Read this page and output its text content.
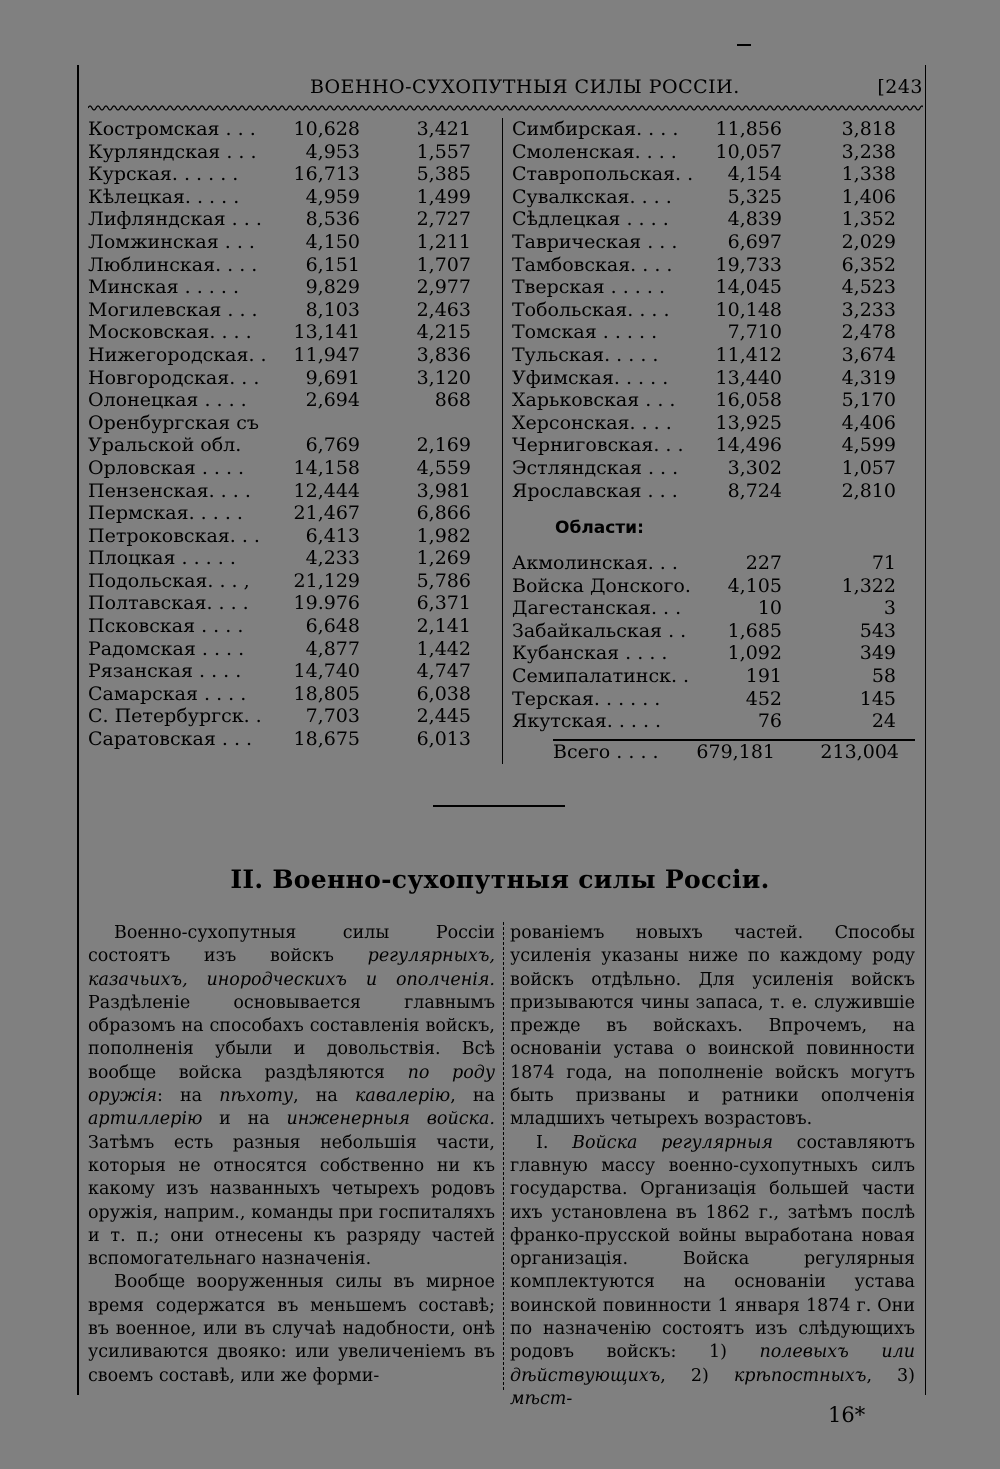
ВОЕННО-СУХОПУТНЫЯ СИЛЫ РОССІИ.	[243
Костромская . . . 10,628	3,421
Курляндская . . .	4,953	1,557
Курская. . . . . .	16,713	5,385
Кѣлецкая. . . . .	4,959	1,499
Лифляндская . . . 8,536	2,727
Ломжинская . . .	4,150	1,211
Люблинская. . . .	6,151	1,707
Минская . . . . .	9,829	2,977
Могилевская . . .	8,103	2,463
Московская. . . . 13,141	4,215
Нижегородская. . 11,947	3,836
Новгородская. . . 9,691	3,120
Олонецкая . . . .	2,694	868
Оренбургская съ
Уральской обл.	6,769	2,169
Орловская . . . .	14,158	4,559
Пензенская. . . . 12,444	3,981
Пермская. . . . .	21,467	6,866
Петроковская. . . 6,413	1,982
Плоцкая . . . . .	4,233	1,269
Подольская. . . , 21,129	5,786
Полтавская. . . . 19.976	6,371
Псковская . . . .	6,648	2,141
Радомская . . . .	4,877	1,442
Рязанская . . . .	14,740	4,747
Самарская . . . . 18,805	6,038
С. Петербургск. . 7,703	2,445
Саратовская . . . 18,675	6,013
Симбирская. . . . 11,856	3,818
Смоленская. . . . 10,057	3,238
Ставропольская. . 4,154	1,338
Сувалкская. . . .	5,325	1,406
Сѣдлецкая . . . .	4,839	1,352
Таврическая . . .	6,697	2,029
Тамбовская. . . . 19,733	6,352
Тверская . . . . .	14,045	4,523
Тобольская. . . . 10,148	3,233
Томская . . . . .	7,710	2,478
Тульская. . . . .	11,412	3,674
Уфимская. . . . . 13,440	4,319
Харьковская . . . 16,058	5,170
Херсонская. . . . 13,925	4,406
Черниговская. . . 14,496	4,599
Эстляндская . . .	3,302	1,057
Ярославская . . .	8,724	2,810
Области:
Акмолинская. . .	227	71
Войска Донского. 4,105	1,322
Дагестанская. . .	10	3
Забайкальская . . 1,685	543
Кубанская . . . .	1,092	349
Семипалатинск. .	191	58
Терская. . . . . .	452	145
Якутская. . . . .	76	24
Всего . . . . 679,181 213,004
II. Военно-сухопутныя силы Россіи.

Военно-сухопутныя силы Россіи состоятъ изъ войскъ регулярныхъ, казачьихъ, инородческихъ и ополченія. Раздѣленіе основывается главнымъ образомъ на способахъ составленія войскъ, пополненія убыли и довольствія. Всѣ вообще войска раздѣляются по роду оружія: на пѣхоту, на кавалерію, на артиллерію и на инженерныя войска. Затѣмъ есть разныя небольшія части, которыя не относятся собственно ни къ какому изъ названныхъ четырехъ родовъ оружія, наприм., команды при госпиталяхъ и т. п.; они отнесены къ разряду частей вспомогательнаго назначенія.

Вообще вооруженныя силы въ мирное время содержатся въ меньшемъ составѣ; въ военное, или въ случаѣ надобности, онѣ усиливаются двояко: или увеличеніемъ въ своемъ составѣ, или же форми-

рованіемъ новыхъ частей. Способы усиленія указаны ниже по каждому роду войскъ отдѣльно. Для усиленія войскъ призываются чины запаса, т. е. служившіе прежде въ войскахъ. Впрочемъ, на основаніи устава о воинской повинности 1874 года, на пополненіе войскъ могутъ быть призваны и ратники ополченія младшихъ четырехъ возрастовъ.

I. Войска регулярныя составляютъ главную массу военно-сухопутныхъ силъ государства. Организація большей части ихъ установлена въ 1862 г., затѣмъ послѣ франко-прусской войны выработана новая организація. Войска регулярныя комплектуются на основаніи устава воинской повинности 1 января 1874 г. Они по назначенію состоятъ изъ слѣдующихъ родовъ войскъ: 1) полевыхъ или дѣйствующихъ, 2) крѣпостныхъ, 3) мѣст-

16*
